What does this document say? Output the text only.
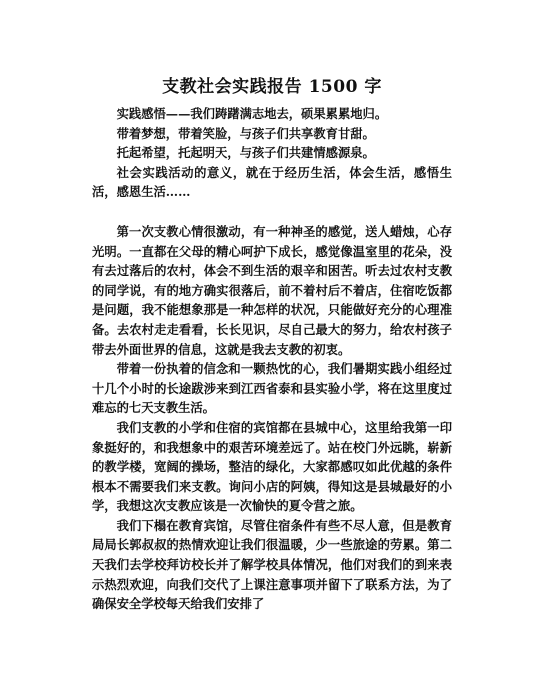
支教社会实践报告 1500 字

实践感悟——我们踌躇满志地去，硕果累累地归。

带着梦想，带着笑脸，与孩子们共享教育甘甜。

托起希望，托起明天，与孩子们共建情感源泉。

社会实践活动的意义，就在于经历生活，体会生活，感悟生活，感恩生活……

第一次支教心情很激动，有一种神圣的感觉，送人蜡烛，心存光明。一直都在父母的精心呵护下成长，感觉像温室里的花朵，没有去过落后的农村，体会不到生活的艰辛和困苦。听去过农村支教的同学说，有的地方确实很落后，前不着村后不着店，住宿吃饭都是问题，我不能想象那是一种怎样的状况，只能做好充分的心理准备。去农村走走看看，长长见识，尽自己最大的努力，给农村孩子带去外面世界的信息，这就是我去支教的初衷。

带着一份执着的信念和一颗热忱的心，我们暑期实践小组经过十几个小时的长途跋涉来到江西省泰和县实验小学，将在这里度过难忘的七天支教生活。

我们支教的小学和住宿的宾馆都在县城中心，这里给我第一印象挺好的，和我想象中的艰苦环境差远了。站在校门外远眺，崭新的教学楼，宽阔的操场，整洁的绿化，大家都感叹如此优越的条件根本不需要我们来支教。询问小店的阿姨，得知这是县城最好的小学，我想这次支教应该是一次愉快的夏令营之旅。

我们下榻在教育宾馆，尽管住宿条件有些不尽人意，但是教育局局长郭叔叔的热情欢迎让我们很温暖，少一些旅途的劳累。第二天我们去学校拜访校长并了解学校具体情况，他们对我们的到来表示热烈欢迎，向我们交代了上课注意事项并留下了联系方法，为了确保安全学校每天给我们安排了
